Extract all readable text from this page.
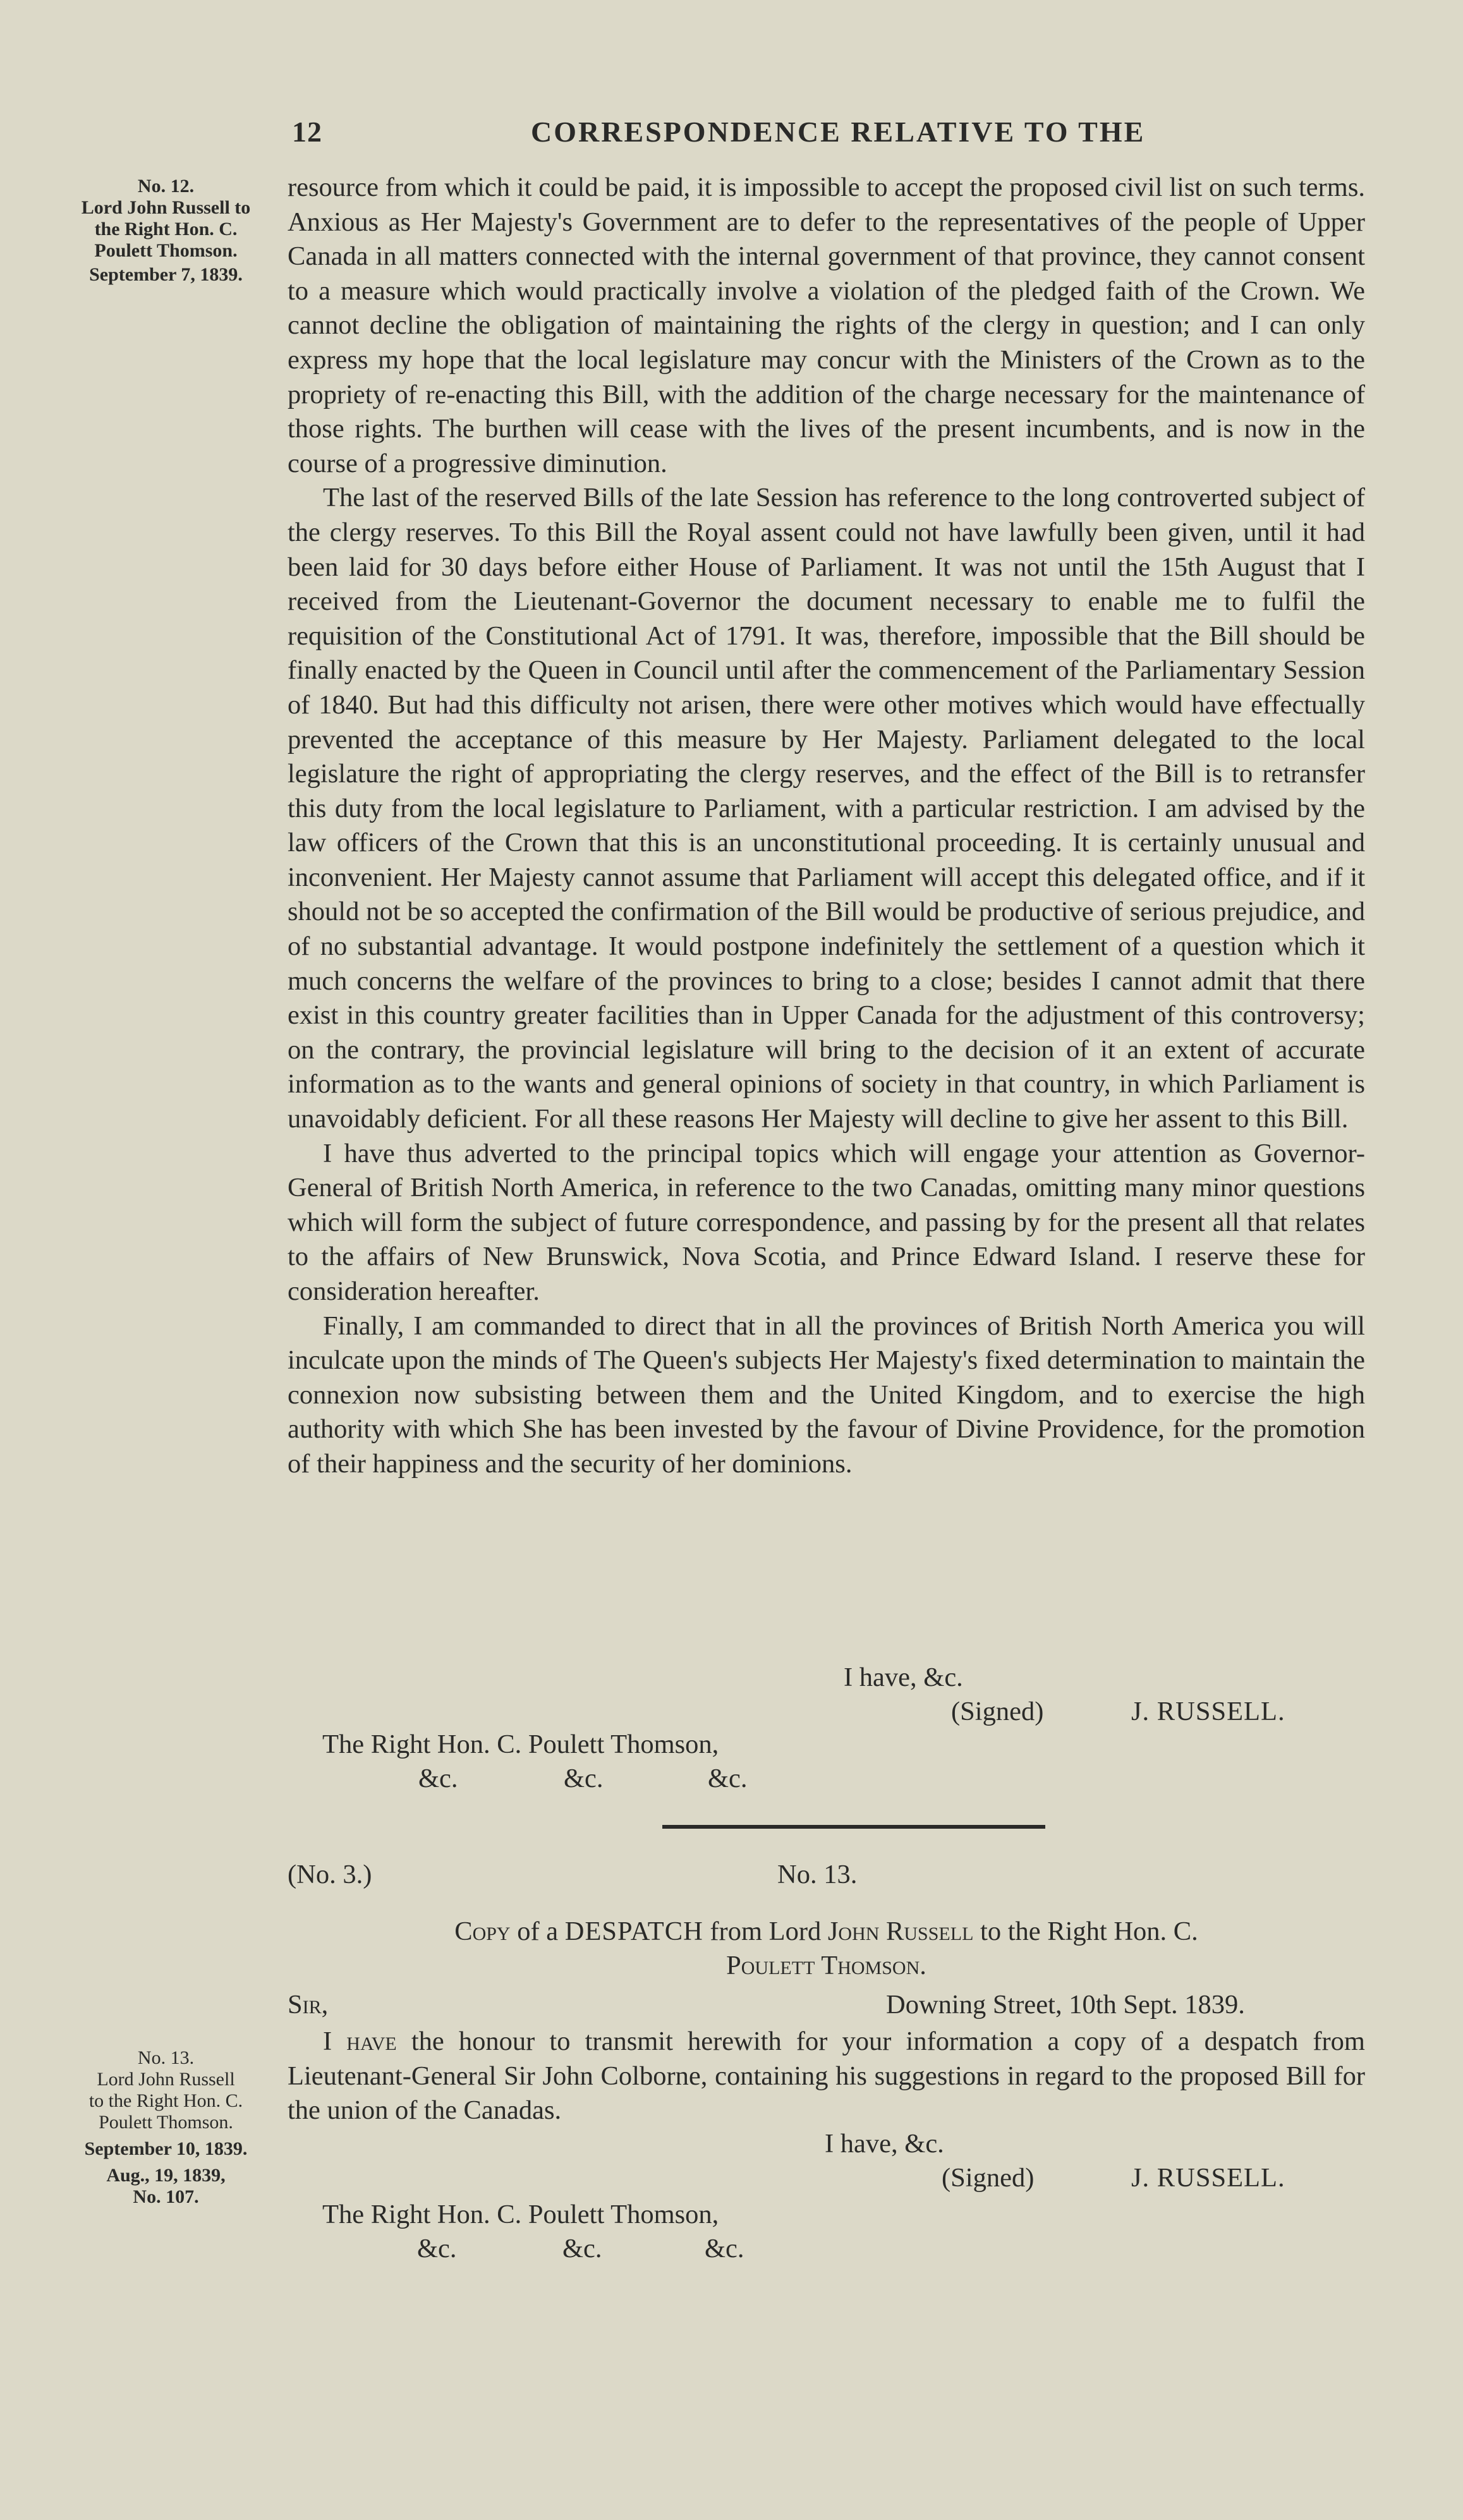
12	CORRESPONDENCE RELATIVE TO THE
No. 12.
Lord John Russell to
the Right Hon. C.
Poulett Thomson.
September 7, 1839.

resource from which it could be paid, it is impossible to accept the proposed civil list on such terms. Anxious as Her Majesty's Government are to defer to the representatives of the people of Upper Canada in all matters connected with the internal government of that province, they cannot consent to a measure which would practically involve a violation of the pledged faith of the Crown. We cannot decline the obligation of maintaining the rights of the clergy in question; and I can only express my hope that the local legislature may concur with the Ministers of the Crown as to the propriety of re-enacting this Bill, with the addition of the charge necessary for the maintenance of those rights. The burthen will cease with the lives of the present incumbents, and is now in the course of a progressive diminution.

The last of the reserved Bills of the late Session has reference to the long controverted subject of the clergy reserves. To this Bill the Royal assent could not have lawfully been given, until it had been laid for 30 days before either House of Parliament. It was not until the 15th August that I received from the Lieutenant-Governor the document necessary to enable me to fulfil the requisition of the Constitutional Act of 1791. It was, therefore, impossible that the Bill should be finally enacted by the Queen in Council until after the commencement of the Parliamentary Session of 1840. But had this difficulty not arisen, there were other motives which would have effectually prevented the acceptance of this measure by Her Majesty. Parliament delegated to the local legislature the right of appropriating the clergy reserves, and the effect of the Bill is to retransfer this duty from the local legislature to Parliament, with a particular restriction. I am advised by the law officers of the Crown that this is an unconstitutional proceeding. It is certainly unusual and inconvenient. Her Majesty cannot assume that Parliament will accept this delegated office, and if it should not be so accepted the confirmation of the Bill would be productive of serious prejudice, and of no substantial advantage. It would postpone indefinitely the settlement of a question which it much concerns the welfare of the provinces to bring to a close; besides I cannot admit that there exist in this country greater facilities than in Upper Canada for the adjustment of this controversy; on the contrary, the provincial legislature will bring to the decision of it an extent of accurate information as to the wants and general opinions of society in that country, in which Parliament is unavoidably deficient. For all these reasons Her Majesty will decline to give her assent to this Bill.

I have thus adverted to the principal topics which will engage your attention as Governor-General of British North America, in reference to the two Canadas, omitting many minor questions which will form the subject of future correspondence, and passing by for the present all that relates to the affairs of New Brunswick, Nova Scotia, and Prince Edward Island. I reserve these for consideration hereafter.

Finally, I am commanded to direct that in all the provinces of British North America you will inculcate upon the minds of The Queen's subjects Her Majesty's fixed determination to maintain the connexion now subsisting between them and the United Kingdom, and to exercise the high authority with which She has been invested by the favour of Divine Providence, for the promotion of their happiness and the security of her dominions.

I have, &c.
(Signed)	J. RUSSELL.
The Right Hon. C. Poulett Thomson,
&c.	&c.	&c.
(No. 3.)	No. 13.
Copy of a DESPATCH from Lord John Russell to the Right Hon. C.
Poulett Thomson.
Sir,	Downing Street, 10th Sept. 1839.

I have the honour to transmit herewith for your information a copy of a despatch from Lieutenant-General Sir John Colborne, containing his suggestions in regard to the proposed Bill for the union of the Canadas.

No. 13.
Lord John Russell
to the Right Hon. C.
Poulett Thomson.
September 10, 1839.
Aug., 19, 1839,
No. 107.
I have, &c.
(Signed)	J. RUSSELL.
The Right Hon. C. Poulett Thomson,
&c.	&c.	&c.
